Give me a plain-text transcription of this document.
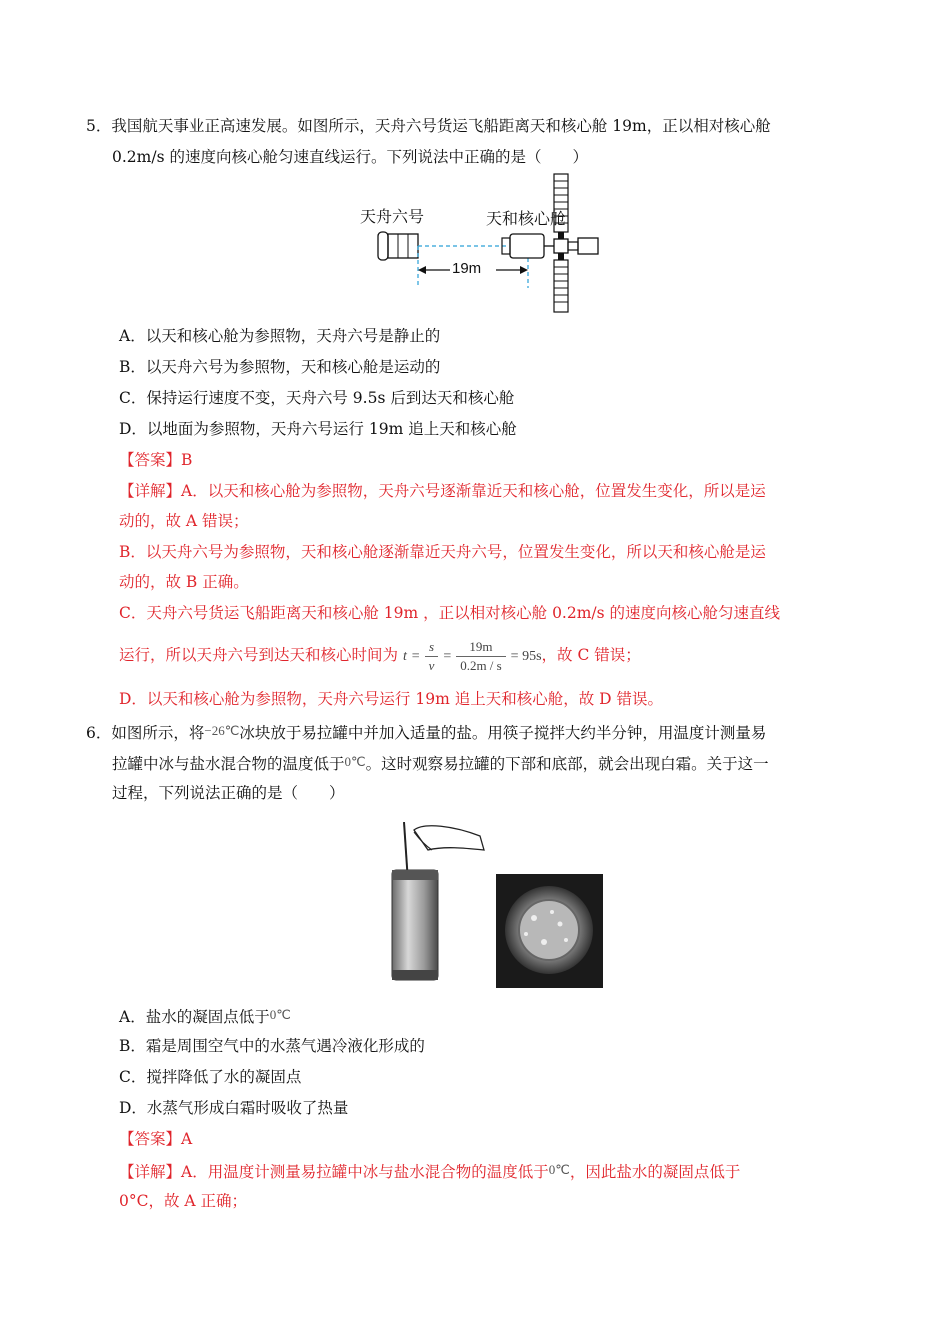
5．我国航天事业正高速发展。如图所示，天舟六号货运飞船距离天和核心舱 19m，正以相对核心舱
0.2m/s 的速度向核心舱匀速直线运行。下列说法中正确的是（　　）
天舟六号	天和核心舱
19m
A．以天和核心舱为参照物，天舟六号是静止的
B．以天舟六号为参照物，天和核心舱是运动的
C．保持运行速度不变，天舟六号 9.5s 后到达天和核心舱
D．以地面为参照物，天舟六号运行 19m 追上天和核心舱
【答案】B
【详解】A．以天和核心舱为参照物，天舟六号逐渐靠近天和核心舱，位置发生变化，所以是运
动的，故 A 错误；
B．以天舟六号为参照物，天和核心舱逐渐靠近天舟六号，位置发生变化，所以天和核心舱是运
动的，故 B 正确。
C．天舟六号货运飞船距离天和核心舱 19m ，正以相对核心舱 0.2m/s 的速度向核心舱匀速直线
运行，所以天舟六号到达天和核心时间为 $t = \frac{s}{v} = \frac{19m}{0.2m / s} = 95s$，故 C 错误；
D．以天和核心舱为参照物，天舟六号运行 19m 追上天和核心舱，故 D 错误。
6．如图所示，将−26℃冰块放于易拉罐中并加入适量的盐。用筷子搅拌大约半分钟，用温度计测量易
拉罐中冰与盐水混合物的温度低于0℃。这时观察易拉罐的下部和底部，就会出现白霜。关于这一
过程，下列说法正确的是（　　）
A．盐水的凝固点低于0℃
B．霜是周围空气中的水蒸气遇冷液化形成的
C．搅拌降低了水的凝固点
D．水蒸气形成白霜时吸收了热量
【答案】A
【详解】A．用温度计测量易拉罐中冰与盐水混合物的温度低于0℃，因此盐水的凝固点低于
0°C，故 A 正确；
